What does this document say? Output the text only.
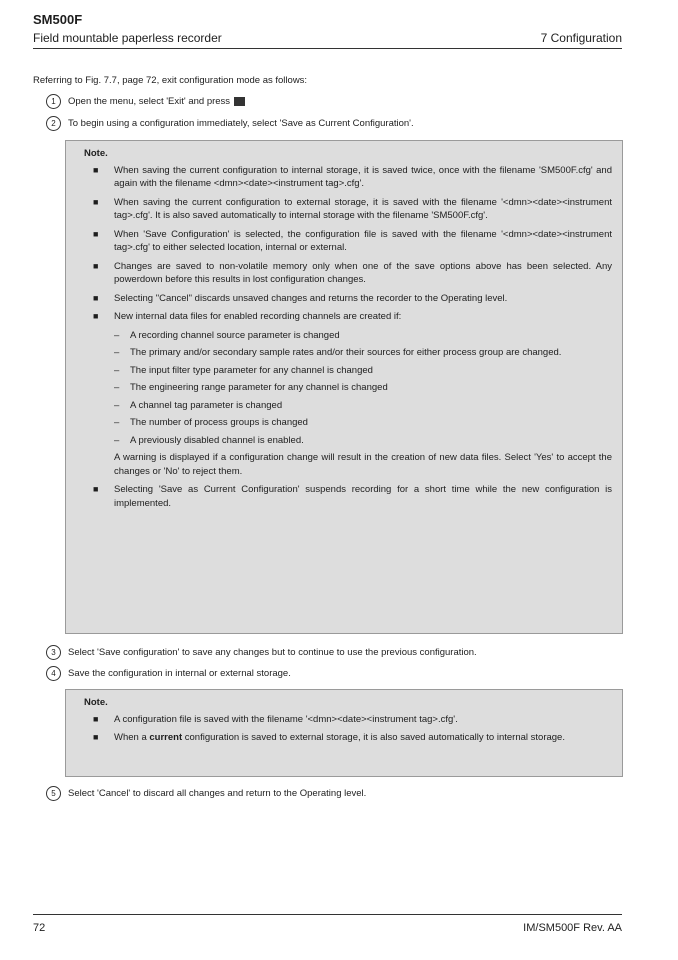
SM500F
Field mountable paperless recorder	7 Configuration
Referring to Fig. 7.7, page 72, exit configuration mode as follows:
1	Open the menu, select 'Exit' and press
2	To begin using a configuration immediately, select 'Save as Current Configuration'.
Note.
■ When saving the current configuration to internal storage, it is saved twice, once with the filename 'SM500F.cfg' and again with the filename <dmn><date><instrument tag>.cfg'.
■ When saving the current configuration to external storage, it is saved with the filename '<dmn><date><instrument tag>.cfg'. It is also saved automatically to internal storage with the filename 'SM500F.cfg'.
■ When 'Save Configuration' is selected, the configuration file is saved with the filename '<dmn><date><instrument tag>.cfg' to either selected location, internal or external.
■ Changes are saved to non-volatile memory only when one of the save options above has been selected. Any powerdown before this results in lost configuration changes.
■ Selecting "Cancel" discards unsaved changes and returns the recorder to the Operating level.
■ New internal data files for enabled recording channels are created if:
– A recording channel source parameter is changed
– The primary and/or secondary sample rates and/or their sources for either process group are changed.
– The input filter type parameter for any channel is changed
– The engineering range parameter for any channel is changed
– A channel tag parameter is changed
– The number of process groups is changed
– A previously disabled channel is enabled.
A warning is displayed if a configuration change will result in the creation of new data files. Select 'Yes' to accept the changes or 'No' to reject them.
■ Selecting 'Save as Current Configuration' suspends recording for a short time while the new configuration is implemented.
3	Select 'Save configuration' to save any changes but to continue to use the previous configuration.
4	Save the configuration in internal or external storage.
Note.
■ A configuration file is saved with the filename '<dmn><date><instrument tag>.cfg'.
■ When a current configuration is saved to external storage, it is also saved automatically to internal storage.
5	Select 'Cancel' to discard all changes and return to the Operating level.
72	IM/SM500F Rev. AA
